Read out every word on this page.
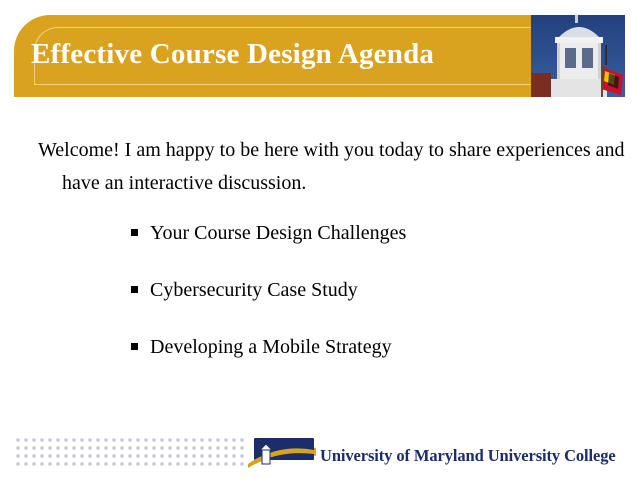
Effective Course Design Agenda

Welcome! I am happy to be here with you today to share experiences and have an interactive discussion.

Your Course Design Challenges
Cybersecurity Case Study
Developing a Mobile Strategy

University of Maryland University College
